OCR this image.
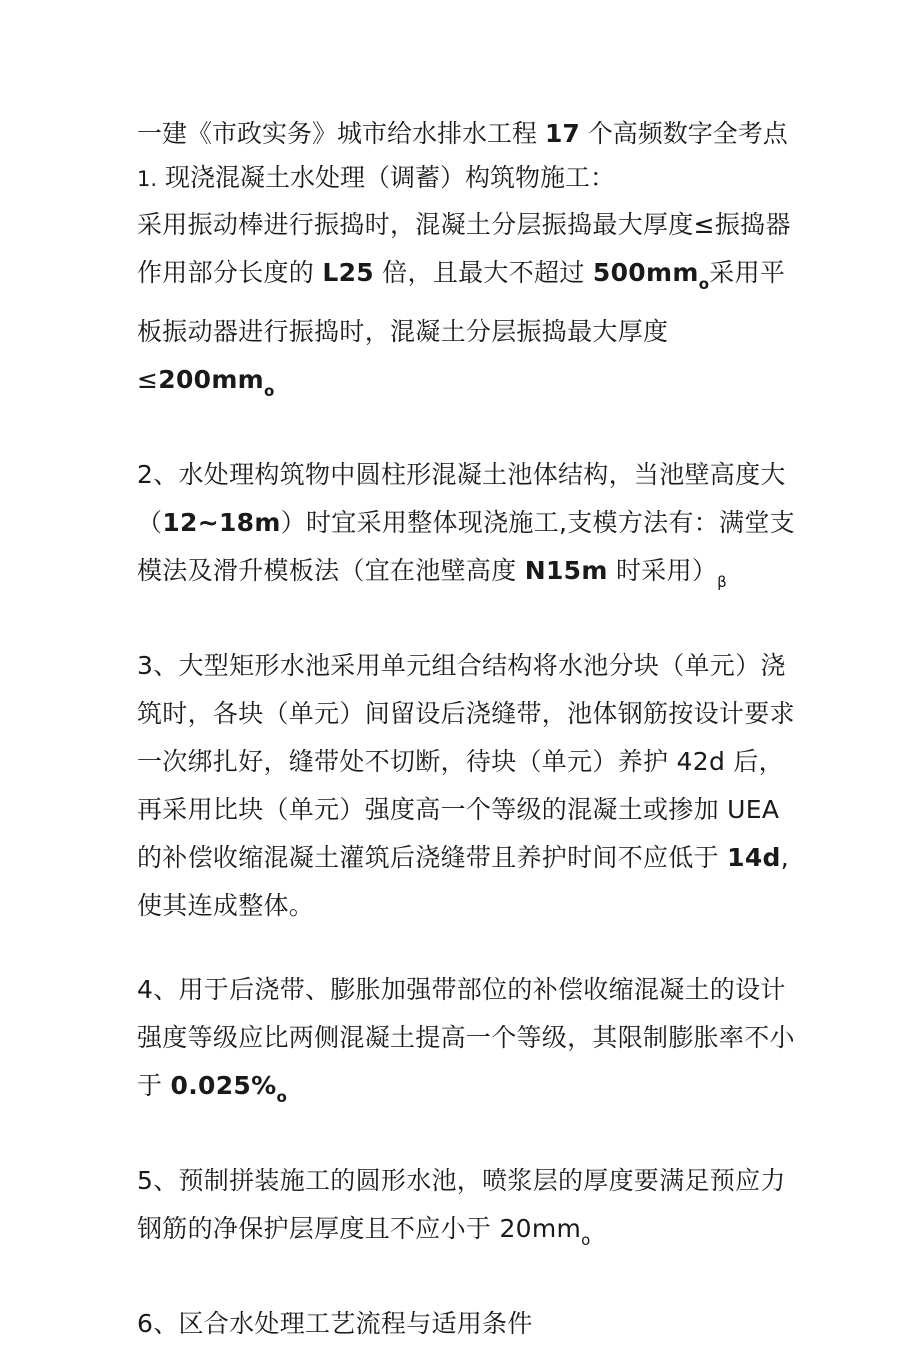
一建《市政实务》城市给水排水工程 17 个高频数字全考点

1. 现浇混凝土水处理（调蓄）构筑物施工：

采用振动棒进行振捣时，混凝土分层振捣最大厚度≤振捣器作用部分长度的 L25 倍，且最大不超过 $500mm_o$采用平板振动器进行振捣时，混凝土分层振捣最大厚度$\le 200mm_o$

2、水处理构筑物中圆柱形混凝土池体结构，当池壁高度大（12~18m）时宜采用整体现浇施工,支模方法有：满堂支模法及滑升模板法（宜在池壁高度 N15m 时采用）$_\beta$

3、大型矩形水池采用单元组合结构将水池分块（单元）浇筑时，各块（单元）间留设后浇缝带，池体钢筋按设计要求一次绑扎好，缝带处不切断，待块（单元）养护 42d 后，再采用比块（单元）强度高一个等级的混凝土或掺加 UEA 的补偿收缩混凝土灌筑后浇缝带且养护时间不应低于 14d,使其连成整体。

4、用于后浇带、膨胀加强带部位的补偿收缩混凝土的设计强度等级应比两侧混凝土提高一个等级，其限制膨胀率不小于 $0.025\%_o$

5、预制拼装施工的圆形水池，喷浆层的厚度要满足预应力钢筋的净保护层厚度且不应小于 $20mm_o$

6、区合水处理工艺流程与适用条件
